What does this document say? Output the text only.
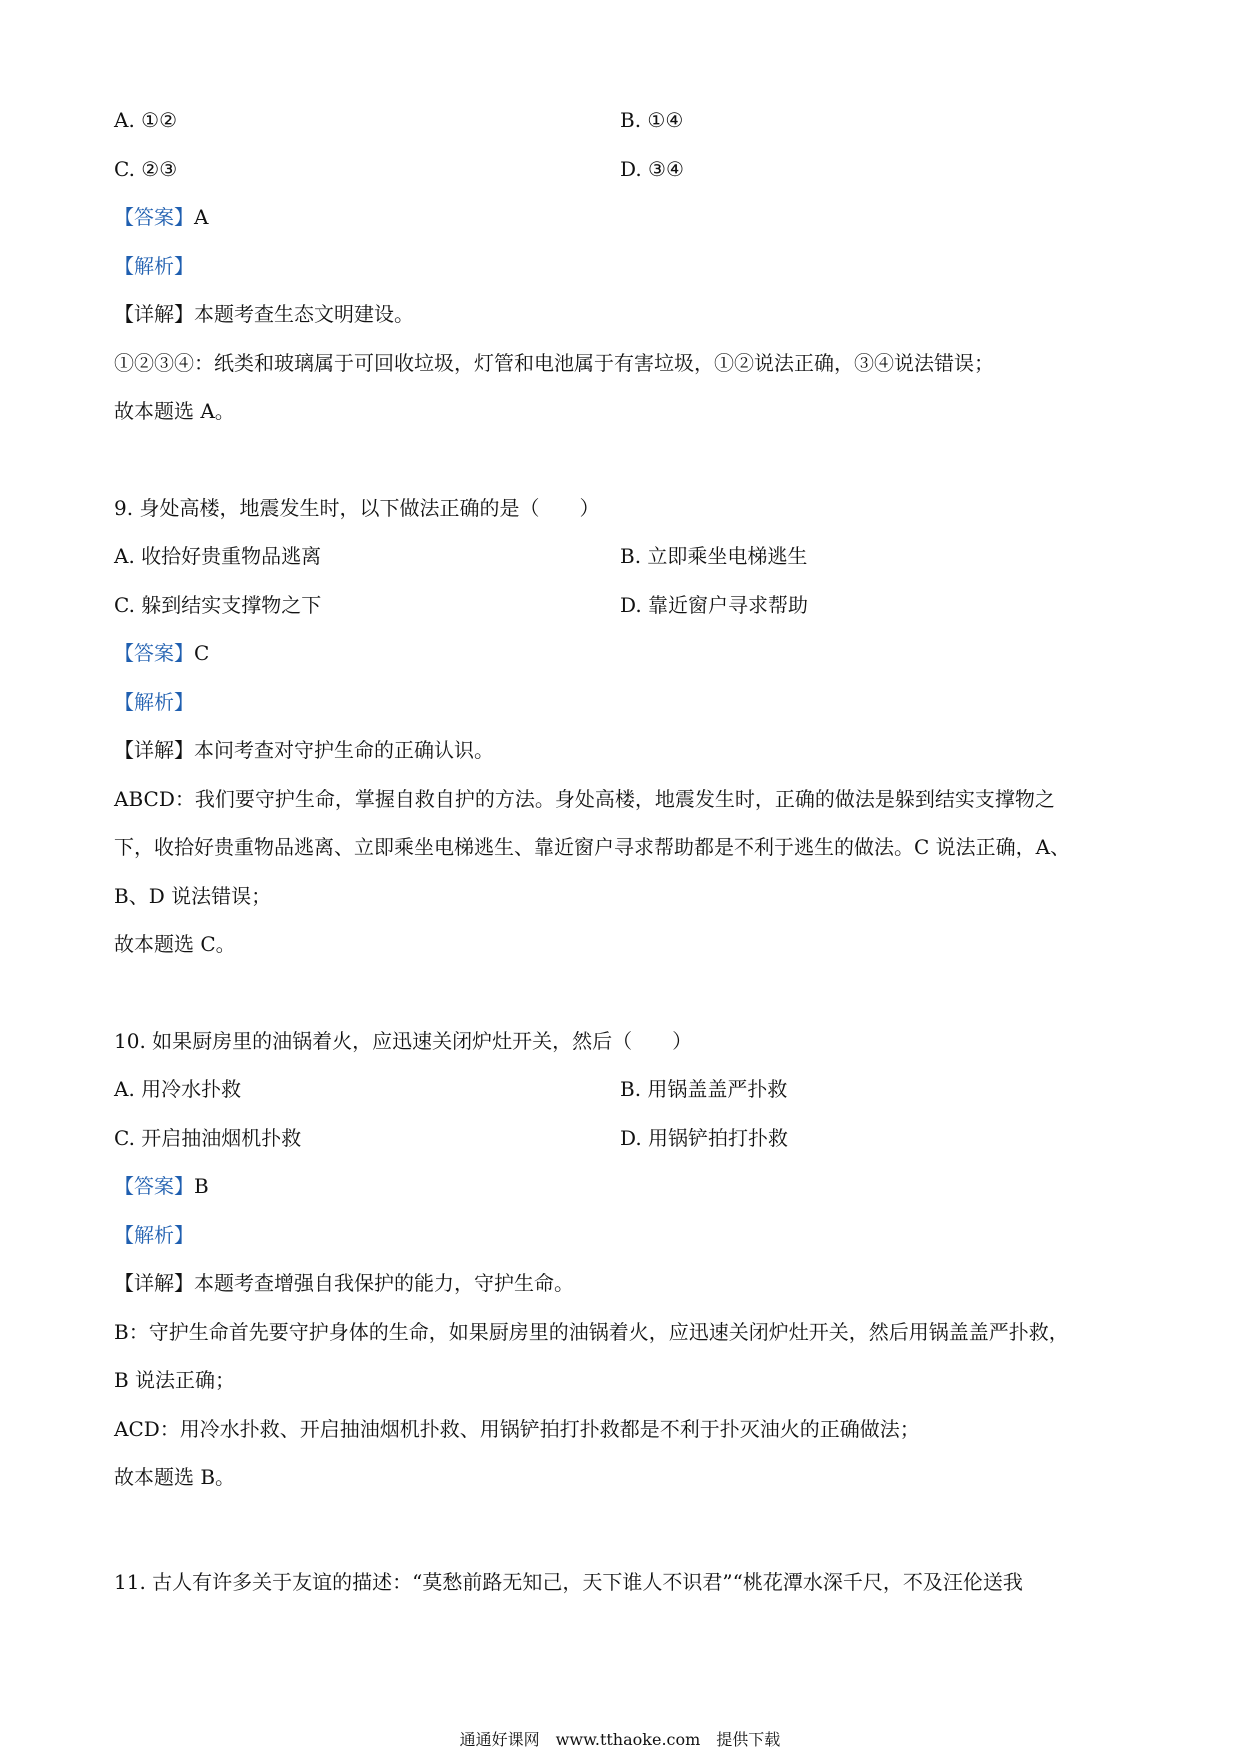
A. ①②	B. ①④
C. ②③	D. ③④
【答案】A
【解析】
【详解】本题考查生态文明建设。
①②③④：纸类和玻璃属于可回收垃圾，灯管和电池属于有害垃圾，①②说法正确，③④说法错误；
故本题选 A。
9. 身处高楼，地震发生时，以下做法正确的是（　　）
A. 收拾好贵重物品逃离	B. 立即乘坐电梯逃生
C. 躲到结实支撑物之下	D. 靠近窗户寻求帮助
【答案】C
【解析】
【详解】本问考查对守护生命的正确认识。
ABCD：我们要守护生命，掌握自救自护的方法。身处高楼，地震发生时，正确的做法是躲到结实支撑物之
下，收拾好贵重物品逃离、立即乘坐电梯逃生、靠近窗户寻求帮助都是不利于逃生的做法。C 说法正确，A、
B、D 说法错误；
故本题选 C。
10. 如果厨房里的油锅着火，应迅速关闭炉灶开关，然后（　　）
A. 用冷水扑救	B. 用锅盖盖严扑救
C. 开启抽油烟机扑救	D. 用锅铲拍打扑救
【答案】B
【解析】
【详解】本题考查增强自我保护的能力，守护生命。
B：守护生命首先要守护身体的生命，如果厨房里的油锅着火，应迅速关闭炉灶开关，然后用锅盖盖严扑救，
B 说法正确；
ACD：用冷水扑救、开启抽油烟机扑救、用锅铲拍打扑救都是不利于扑灭油火的正确做法；
故本题选 B。
11. 古人有许多关于友谊的描述：“莫愁前路无知己，天下谁人不识君”“桃花潭水深千尺，不及汪伦送我
通通好课网　www.tthaoke.com　提供下载
